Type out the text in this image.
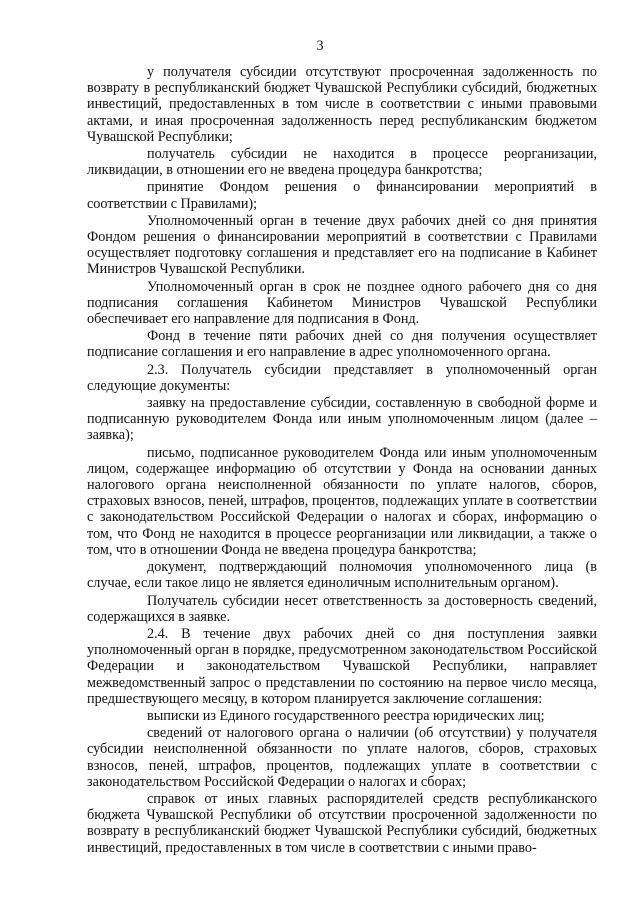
3

у получателя субсидии отсутствуют просроченная задолженность по возврату в республиканский бюджет Чувашской Республики субсидий, бюджетных инвестиций, предоставленных в том числе в соответствии с иными правовыми актами, и иная просроченная задолженность перед республиканским бюджетом Чувашской Республики;

получатель субсидии не находится в процессе реорганизации, ликвидации, в отношении его не введена процедура банкротства;

принятие Фондом решения о финансировании мероприятий в соответствии с Правилами);

Уполномоченный орган в течение двух рабочих дней со дня принятия Фондом решения о финансировании мероприятий в соответствии с Правилами осуществляет подготовку соглашения и представляет его на подписание в Кабинет Министров Чувашской Республики.

Уполномоченный орган в срок не позднее одного рабочего дня со дня подписания соглашения Кабинетом Министров Чувашской Республики обеспечивает его направление для подписания в Фонд.

Фонд в течение пяти рабочих дней со дня получения осуществляет подписание соглашения и его направление в адрес уполномоченного органа.

2.3. Получатель субсидии представляет в уполномоченный орган следующие документы:

заявку на предоставление субсидии, составленную в свободной форме и подписанную руководителем Фонда или иным уполномоченным лицом (далее – заявка);

письмо, подписанное руководителем Фонда или иным уполномоченным лицом, содержащее информацию об отсутствии у Фонда на основании данных налогового органа неисполненной обязанности по уплате налогов, сборов, страховых взносов, пеней, штрафов, процентов, подлежащих уплате в соответствии с законодательством Российской Федерации о налогах и сборах, информацию о том, что Фонд не находится в процессе реорганизации или ликвидации, а также о том, что в отношении Фонда не введена процедура банкротства;

документ, подтверждающий полномочия уполномоченного лица (в случае, если такое лицо не является единоличным исполнительным органом).

Получатель субсидии несет ответственность за достоверность сведений, содержащихся в заявке.

2.4. В течение двух рабочих дней со дня поступления заявки уполномоченный орган в порядке, предусмотренном законодательством Российской Федерации и законодательством Чувашской Республики, направляет межведомственный запрос о представлении по состоянию на первое число месяца, предшествующего месяцу, в котором планируется заключение соглашения:

выписки из Единого государственного реестра юридических лиц;

сведений от налогового органа о наличии (об отсутствии) у получателя субсидии неисполненной обязанности по уплате налогов, сборов, страховых взносов, пеней, штрафов, процентов, подлежащих уплате в соответствии с законодательством Российской Федерации о налогах и сборах;

справок от иных главных распорядителей средств республиканского бюджета Чувашской Республики об отсутствии просроченной задолженности по возврату в республиканский бюджет Чувашской Республики субсидий, бюджетных инвестиций, предоставленных в том числе в соответствии с иными право-
